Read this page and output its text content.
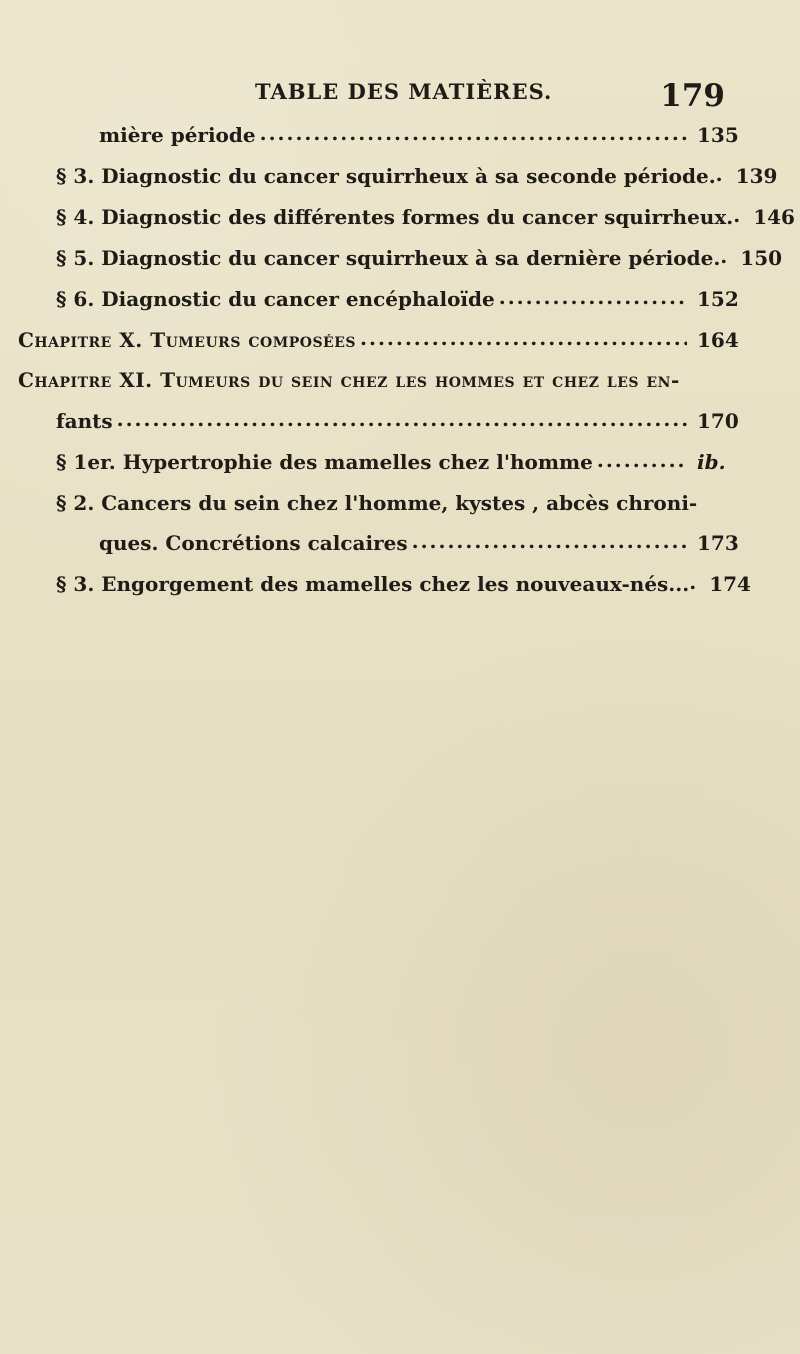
TABLE DES MATIÈRES.	179
mière période .....	135
§ 3. Diagnostic du cancer squirrheux à sa seconde période. ..... 139
§ 4. Diagnostic des différentes formes du cancer squirrheux. ..... 146
§ 5. Diagnostic du cancer squirrheux à sa dernière période. ..... 150
§ 6. Diagnostic du cancer encéphaloïde .....	152
Chapitre X. Tumeurs composées .....	164
Chapitre XI. Tumeurs du sein chez les hommes et chez les en-
fants .....	170
§ 1er. Hypertrophie des mamelles chez l'homme .....	ib.
§ 2. Cancers du sein chez l'homme, kystes , abcès chroni-
ques. Concrétions calcaires .....	173
§ 3. Engorgement des mamelles chez les nouveaux-nés... ..... 174
